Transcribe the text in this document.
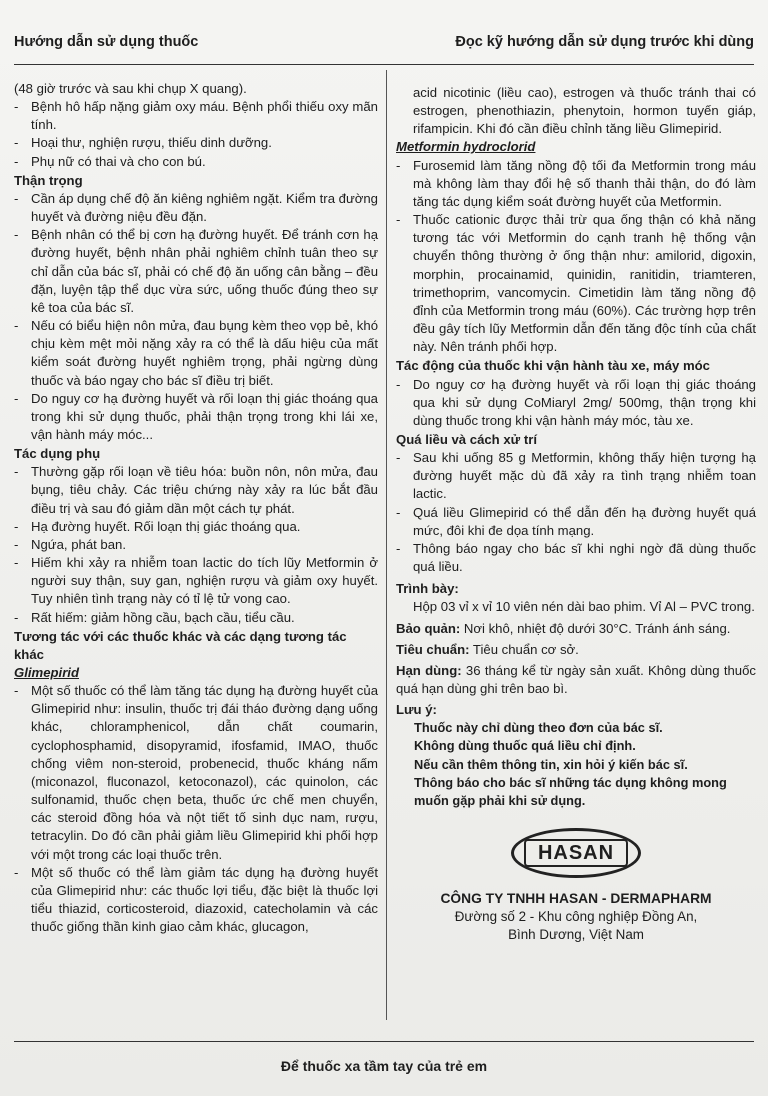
Hướng dẫn sử dụng thuốc	Đọc kỹ hướng dẫn sử dụng trước khi dùng

(48 giờ trước và sau khi chụp X quang).

- Bệnh hô hấp nặng giảm oxy máu. Bệnh phổi thiếu oxy mãn tính.

- Hoại thư, nghiện rượu, thiếu dinh dưỡng.

- Phụ nữ có thai và cho con bú.

Thận trọng

- Cần áp dụng chế độ ăn kiêng nghiêm ngặt. Kiểm tra đường huyết và đường niệu đều đặn.

- Bệnh nhân có thể bị cơn hạ đường huyết. Để tránh cơn hạ đường huyết, bệnh nhân phải nghiêm chỉnh tuân theo sự chỉ dẫn của bác sĩ, phải có chế độ ăn uống cân bằng – đều đặn, luyện tập thể dục vừa sức, uống thuốc đúng theo sự kê toa của bác sĩ.

- Nếu có biểu hiện nôn mửa, đau bụng kèm theo vọp bẻ, khó chịu kèm mệt mỏi nặng xảy ra có thể là dấu hiệu của mất kiểm soát đường huyết nghiêm trọng, phải ngừng dùng thuốc và báo ngay cho bác sĩ điều trị biết.

- Do nguy cơ hạ đường huyết và rối loạn thị giác thoáng qua trong khi sử dụng thuốc, phải thận trọng trong khi lái xe, vận hành máy móc...

Tác dụng phụ

- Thường gặp rối loạn về tiêu hóa: buồn nôn, nôn mửa, đau bụng, tiêu chảy. Các triệu chứng này xảy ra lúc bắt đầu điều trị và sau đó giảm dần một cách tự phát.

- Hạ đường huyết. Rối loạn thị giác thoáng qua.

- Ngứa, phát ban.

- Hiếm khi xảy ra nhiễm toan lactic do tích lũy Metformin ở người suy thận, suy gan, nghiện rượu và giảm oxy huyết. Tuy nhiên tình trạng này có tỉ lệ tử vong cao.

- Rất hiếm: giảm hồng cầu, bạch cầu, tiểu cầu.

Tương tác với các thuốc khác và các dạng tương tác khác

Glimepirid

- Một số thuốc có thể làm tăng tác dụng hạ đường huyết của Glimepirid như: insulin, thuốc trị đái tháo đường dạng uống khác, chloramphenicol, dẫn chất coumarin, cyclophosphamid, disopyramid, ifosfamid, IMAO, thuốc chống viêm non-steroid, probenecid, thuốc kháng nấm (miconazol, fluconazol, ketoconazol), các quinolon, các sulfonamid, thuốc chẹn beta, thuốc ức chế men chuyển, các steroid đồng hóa và nột tiết tố sinh dục nam, rượu, tetracylin. Do đó cần phải giảm liều Glimepirid khi phối hợp với một trong các loại thuốc trên.

- Một số thuốc có thể làm giảm tác dụng hạ đường huyết của Glimepirid như: các thuốc lợi tiểu, đặc biệt là thuốc lợi tiểu thiazid, corticosteroid, diazoxid, catecholamin và các thuốc giống thần kinh giao cảm khác, glucagon,

acid nicotinic (liều cao), estrogen và thuốc tránh thai có estrogen, phenothiazin, phenytoin, hormon tuyến giáp, rifampicin. Khi đó cần điều chỉnh tăng liều Glimepirid.

Metformin hydroclorid

- Furosemid làm tăng nồng độ tối đa Metformin trong máu mà không làm thay đổi hệ số thanh thải thận, do đó làm tăng tác dụng kiểm soát đường huyết của Metformin.

- Thuốc cationic được thải trừ qua ống thận có khả năng tương tác với Metformin do cạnh tranh hệ thống vận chuyển thông thường ở ống thận như: amilorid, digoxin, morphin, procainamid, quinidin, ranitidin, triamteren, trimethoprim, vancomycin. Cimetidin làm tăng nồng độ đỉnh của Metformin trong máu (60%). Các trường hợp trên đều gây tích lũy Metformin dẫn đến tăng độc tính của chất này. Nên tránh phối hợp.

Tác động của thuốc khi vận hành tàu xe, máy móc

- Do nguy cơ hạ đường huyết và rối loạn thị giác thoáng qua khi sử dụng CoMiaryl 2mg/ 500mg, thận trọng khi dùng thuốc trong khi vận hành máy móc, tàu xe.

Quá liều và cách xử trí

- Sau khi uống 85 g Metformin, không thấy hiện tượng hạ đường huyết mặc dù đã xảy ra tình trạng nhiễm toan lactic.

- Quá liều Glimepirid có thể dẫn đến hạ đường huyết quá mức, đôi khi đe dọa tính mạng.

- Thông báo ngay cho bác sĩ khi nghi ngờ đã dùng thuốc quá liều.

Trình bày:

Hộp 03 vỉ x vỉ 10 viên nén dài bao phim. Vỉ Al – PVC trong.

Bảo quản: Nơi khô, nhiệt độ dưới 30°C. Tránh ánh sáng.

Tiêu chuẩn: Tiêu chuẩn cơ sở.

Hạn dùng: 36 tháng kể từ ngày sản xuất. Không dùng thuốc quá hạn dùng ghi trên bao bì.

Lưu ý:

Thuốc này chỉ dùng theo đơn của bác sĩ.

Không dùng thuốc quá liều chỉ định.

Nếu cần thêm thông tin, xin hỏi ý kiến bác sĩ.

Thông báo cho bác sĩ những tác dụng không mong muốn gặp phải khi sử dụng.

HASAN
CÔNG TY TNHH HASAN - DERMAPHARM
Đường số 2 - Khu công nghiệp Đồng An,
Bình Dương, Việt Nam
Để thuốc xa tầm tay của trẻ em
